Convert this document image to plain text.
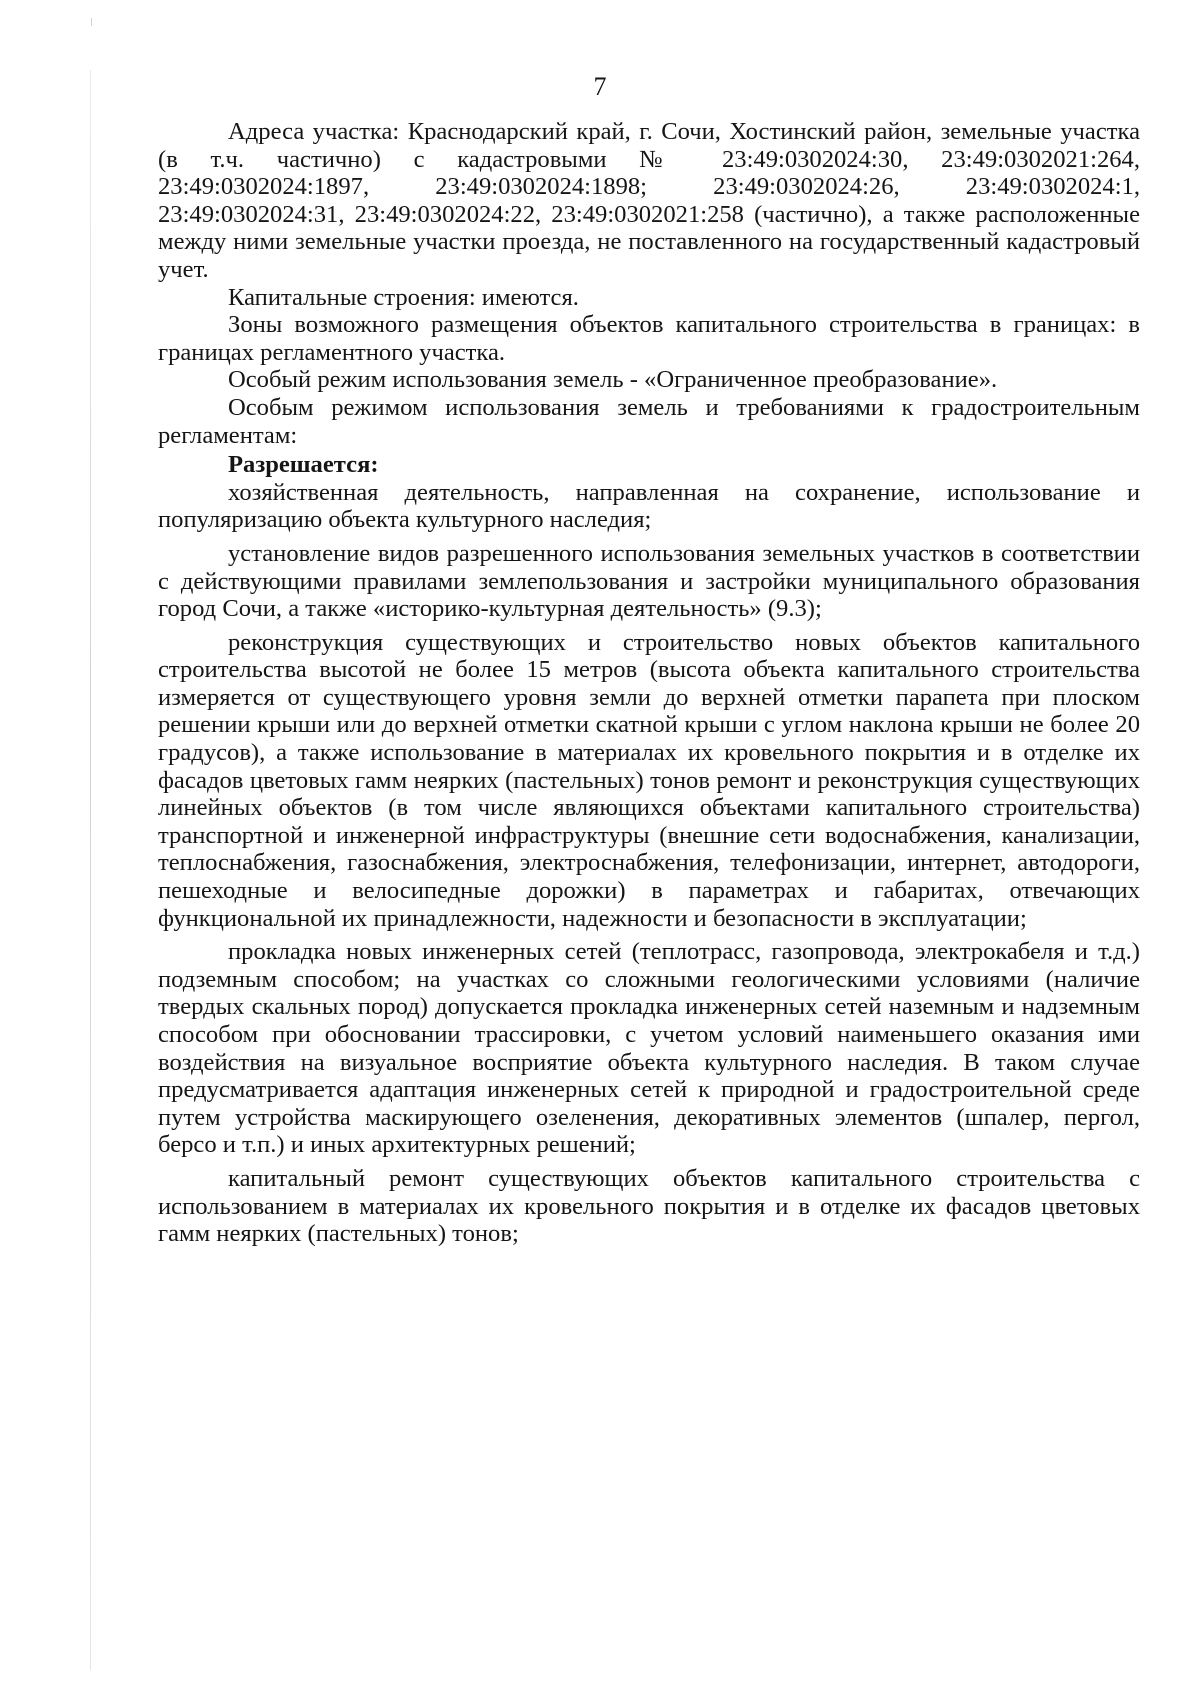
7

Адреса участка: Краснодарский край, г. Сочи, Хостинский район, земельные участка (в т.ч. частично) с кадастровыми № 23:49:0302024:30, 23:49:0302021:264, 23:49:0302024:1897, 23:49:0302024:1898; 23:49:0302024:26, 23:49:0302024:1, 23:49:0302024:31, 23:49:0302024:22, 23:49:0302021:258 (частично), а также расположенные между ними земельные участки проезда, не поставленного на государственный кадастровый учет.

Капитальные строения: имеются.

Зоны возможного размещения объектов капитального строительства в границах: в границах регламентного участка.

Особый режим использования земель - «Ограниченное преобразование».

Особым режимом использования земель и требованиями к градостроительным регламентам:

Разрешается:

хозяйственная деятельность, направленная на сохранение, использование и популяризацию объекта культурного наследия;

установление видов разрешенного использования земельных участков в соответствии с действующими правилами землепользования и застройки муниципального образования город Сочи, а также «историко-культурная деятельность» (9.3);

реконструкция существующих и строительство новых объектов капитального строительства высотой не более 15 метров (высота объекта капитального строительства измеряется от существующего уровня земли до верхней отметки парапета при плоском решении крыши или до верхней отметки скатной крыши с углом наклона крыши не более 20 градусов), а также использование в материалах их кровельного покрытия и в отделке их фасадов цветовых гамм неярких (пастельных) тонов ремонт и реконструкция существующих линейных объектов (в том числе являющихся объектами капитального строительства) транспортной и инженерной инфраструктуры (внешние сети водоснабжения, канализации, теплоснабжения, газоснабжения, электроснабжения, телефонизации, интернет, автодороги, пешеходные и велосипедные дорожки) в параметрах и габаритах, отвечающих функциональной их принадлежности, надежности и безопасности в эксплуатации;

прокладка новых инженерных сетей (теплотрасс, газопровода, электрокабеля и т.д.) подземным способом; на участках со сложными геологическими условиями (наличие твердых скальных пород) допускается прокладка инженерных сетей наземным и надземным способом при обосновании трассировки, с учетом условий наименьшего оказания ими воздействия на визуальное восприятие объекта культурного наследия. В таком случае предусматривается адаптация инженерных сетей к природной и градостроительной среде путем устройства маскирующего озеленения, декоративных элементов (шпалер, пергол, берсо и т.п.) и иных архитектурных решений;

капитальный ремонт существующих объектов капитального строительства с использованием в материалах их кровельного покрытия и в отделке их фасадов цветовых гамм неярких (пастельных) тонов;
